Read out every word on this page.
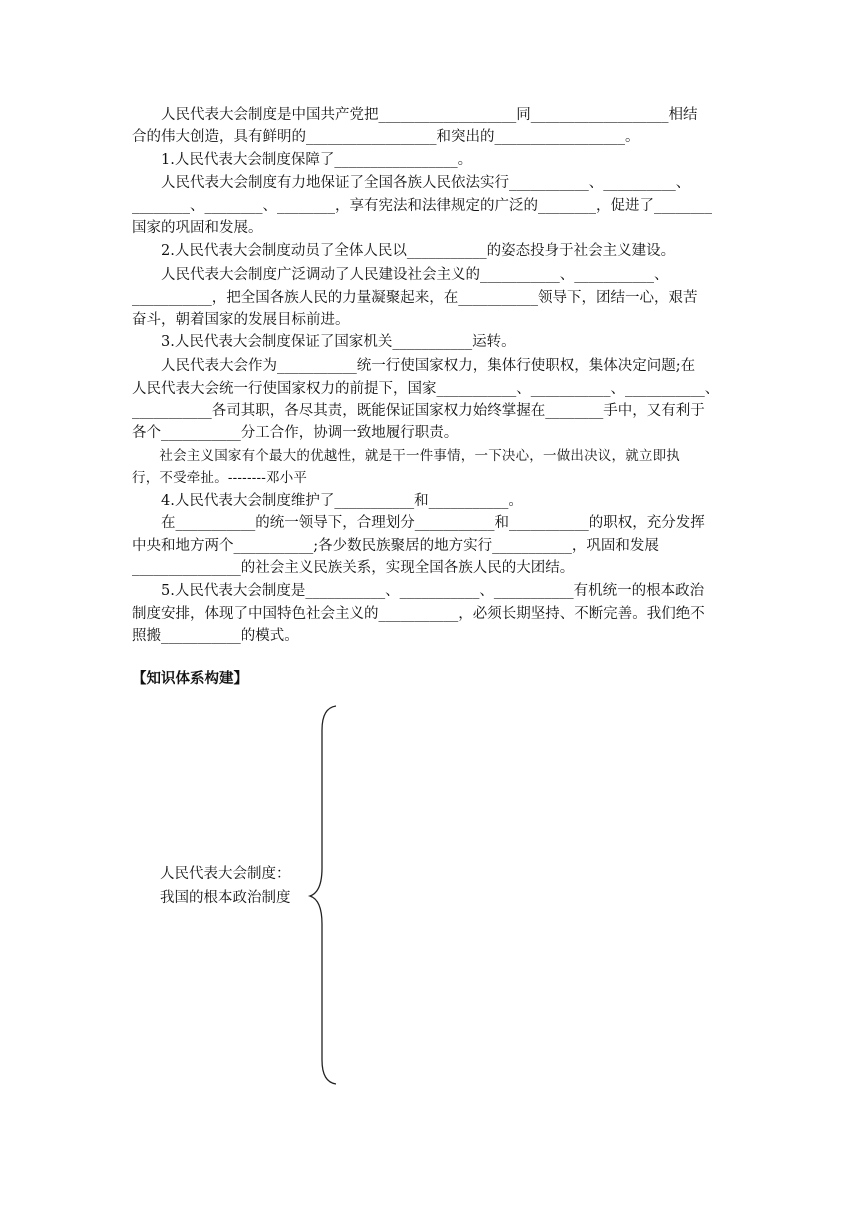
　　人民代表大会制度是中国共产党把___________________同___________________相结
合的伟大创造，具有鲜明的__________________和突出的__________________。
　　1.人民代表大会制度保障了_________________。
　　人民代表大会制度有力地保证了全国各族人民依法实行___________、__________、
________、________、________，享有宪法和法律规定的广泛的________，促进了________
国家的巩固和发展。
　　2.人民代表大会制度动员了全体人民以___________的姿态投身于社会主义建设。
　　人民代表大会制度广泛调动了人民建设社会主义的___________、___________、
___________，把全国各族人民的力量凝聚起来，在___________领导下，团结一心，艰苦
奋斗，朝着国家的发展目标前进。
　　3.人民代表大会制度保证了国家机关___________运转。
　　人民代表大会作为___________统一行使国家权力，集体行使职权，集体决定问题;在
人民代表大会统一行使国家权力的前提下，国家___________、___________、___________、
___________各司其职，各尽其责，既能保证国家权力始终掌握在________手中，又有利于
各个___________分工合作，协调一致地履行职责。
　　社会主义国家有个最大的优越性，就是干一件事情，一下决心，一做出决议，就立即执
行，不受牵扯。--------邓小平
　　4.人民代表大会制度维护了___________和___________。
　　在___________的统一领导下，合理划分___________和___________的职权，充分发挥
中央和地方两个___________;各少数民族聚居的地方实行___________，巩固和发展
_______________的社会主义民族关系，实现全国各族人民的大团结。
　　5.人民代表大会制度是___________、___________、___________有机统一的根本政治
制度安排，体现了中国特色社会主义的___________，必须长期坚持、不断完善。我们绝不
照搬___________的模式。
【知识体系构建】
人民代表大会制度：
我国的根本政治制度
